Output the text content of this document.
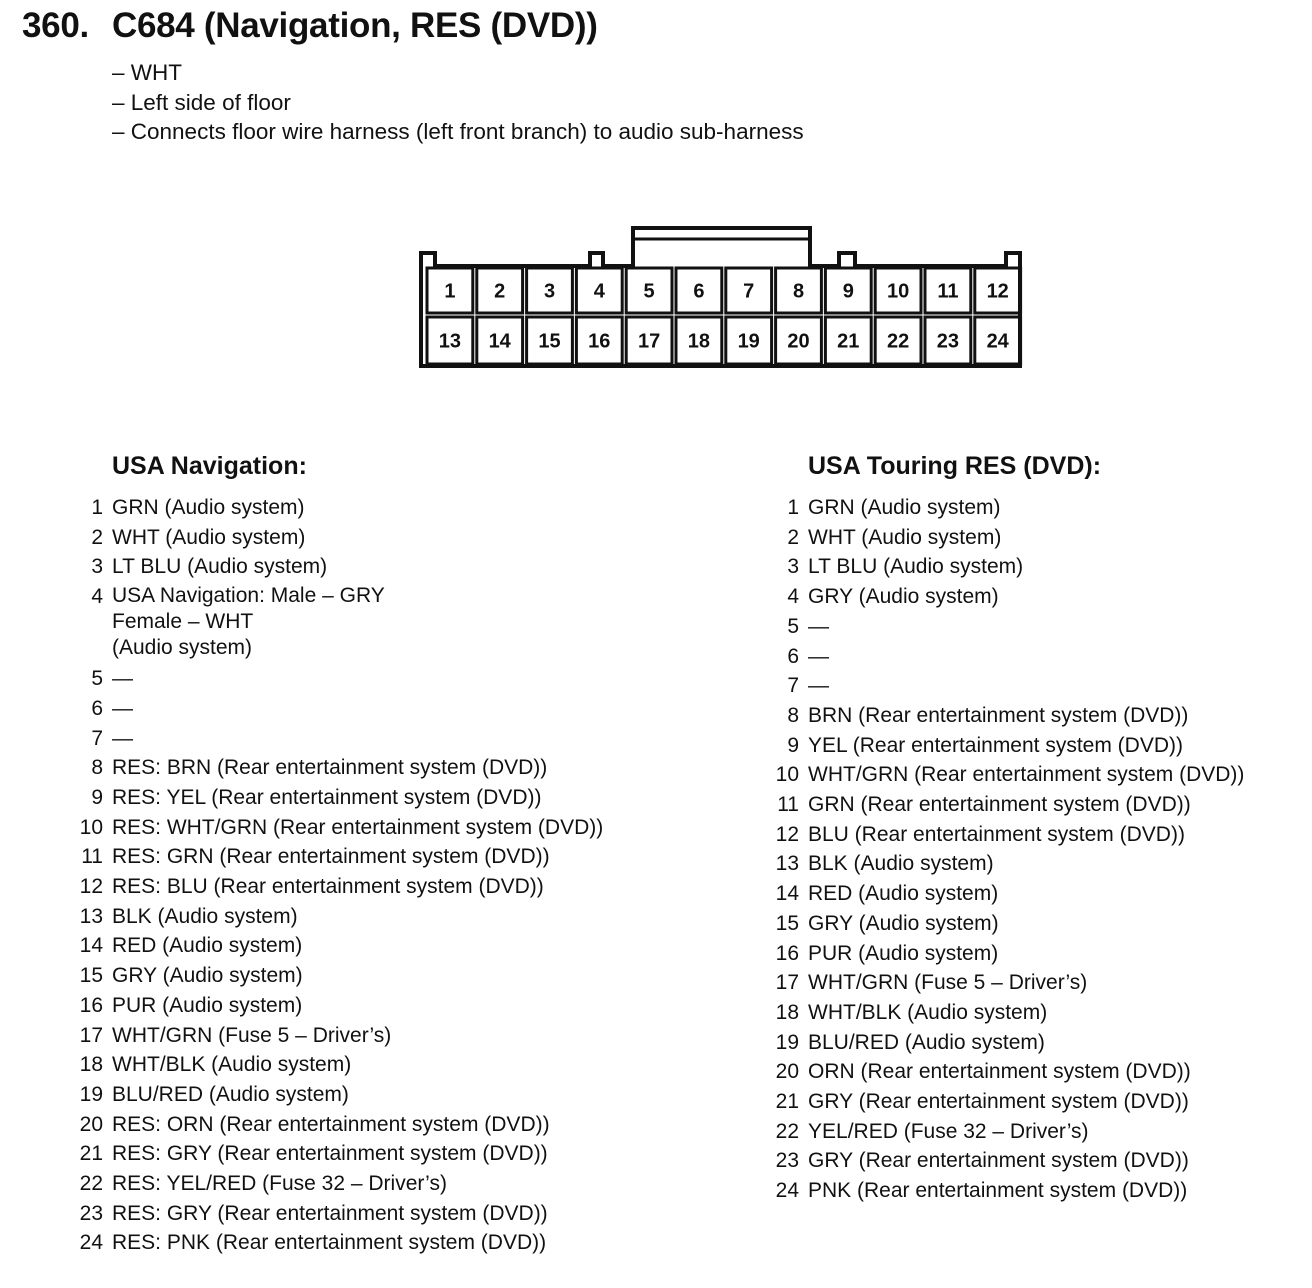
360. C684 (Navigation, RES (DVD))
– WHT
– Left side of floor
– Connects floor wire harness (left front branch) to audio sub-harness
1 2 3 4 5 6 7 8 9 10 11 12
13 14 15 16 17 18 19 20 21 22 23 24
USA Navigation:
1 GRN (Audio system)
2 WHT (Audio system)
3 LT BLU (Audio system)
4 USA Navigation: Male – GRY
Female – WHT
(Audio system)
5 —
6 —
7 —
8 RES: BRN (Rear entertainment system (DVD))
9 RES: YEL (Rear entertainment system (DVD))
10 RES: WHT/GRN (Rear entertainment system (DVD))
11 RES: GRN (Rear entertainment system (DVD))
12 RES: BLU (Rear entertainment system (DVD))
13 BLK (Audio system)
14 RED (Audio system)
15 GRY (Audio system)
16 PUR (Audio system)
17 WHT/GRN (Fuse 5 – Driver’s)
18 WHT/BLK (Audio system)
19 BLU/RED (Audio system)
20 RES: ORN (Rear entertainment system (DVD))
21 RES: GRY (Rear entertainment system (DVD))
22 RES: YEL/RED (Fuse 32 – Driver’s)
23 RES: GRY (Rear entertainment system (DVD))
24 RES: PNK (Rear entertainment system (DVD))
USA Touring RES (DVD):
1 GRN (Audio system)
2 WHT (Audio system)
3 LT BLU (Audio system)
4 GRY (Audio system)
5 —
6 —
7 —
8 BRN (Rear entertainment system (DVD))
9 YEL (Rear entertainment system (DVD))
10 WHT/GRN (Rear entertainment system (DVD))
11 GRN (Rear entertainment system (DVD))
12 BLU (Rear entertainment system (DVD))
13 BLK (Audio system)
14 RED (Audio system)
15 GRY (Audio system)
16 PUR (Audio system)
17 WHT/GRN (Fuse 5 – Driver’s)
18 WHT/BLK (Audio system)
19 BLU/RED (Audio system)
20 ORN (Rear entertainment system (DVD))
21 GRY (Rear entertainment system (DVD))
22 YEL/RED (Fuse 32 – Driver’s)
23 GRY (Rear entertainment system (DVD))
24 PNK (Rear entertainment system (DVD))
